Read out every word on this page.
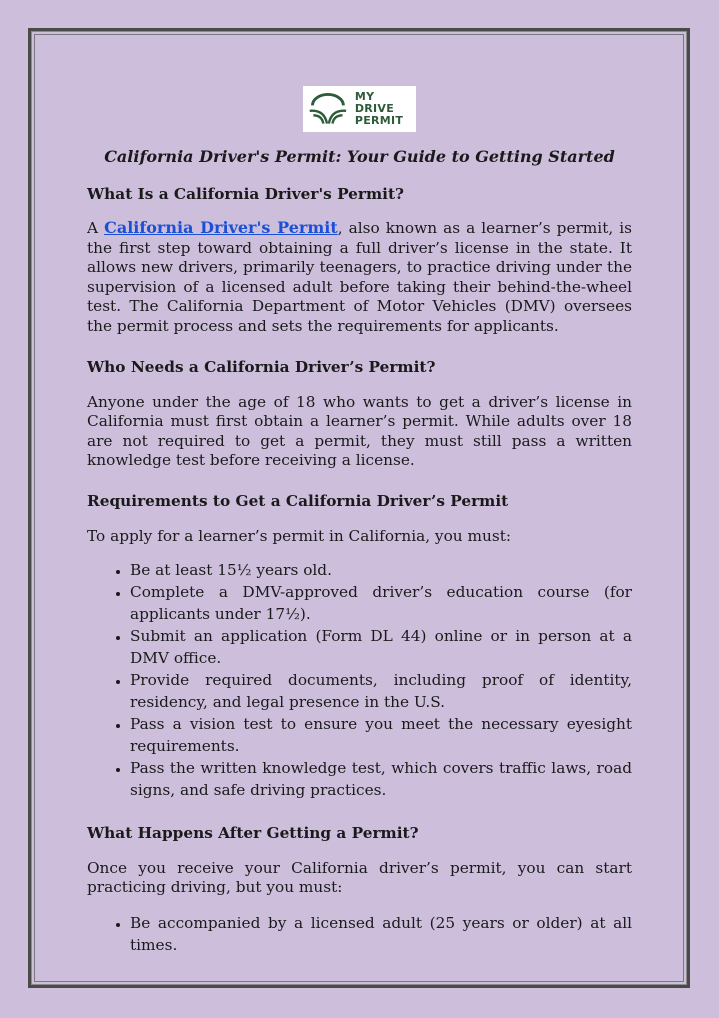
MY DRIVE
PERMIT
California Driver's Permit: Your Guide to Getting Started
What Is a California Driver's Permit?

A California Driver's Permit, also known as a learner’s permit, is the first step toward obtaining a full driver’s license in the state. It allows new drivers, primarily teenagers, to practice driving under the supervision of a licensed adult before taking their behind-the-wheel test. The California Department of Motor Vehicles (DMV) oversees the permit process and sets the requirements for applicants.

Who Needs a California Driver’s Permit?

Anyone under the age of 18 who wants to get a driver’s license in California must first obtain a learner’s permit. While adults over 18 are not required to get a permit, they must still pass a written knowledge test before receiving a license.

Requirements to Get a California Driver’s Permit

To apply for a learner’s permit in California, you must:

• Be at least 15½ years old.
• Complete a DMV-approved driver’s education course (for applicants under 17½).
• Submit an application (Form DL 44) online or in person at a DMV office.
• Provide required documents, including proof of identity, residency, and legal presence in the U.S.
• Pass a vision test to ensure you meet the necessary eyesight requirements.
• Pass the written knowledge test, which covers traffic laws, road signs, and safe driving practices.
What Happens After Getting a Permit?

Once you receive your California driver’s permit, you can start practicing driving, but you must:

• Be accompanied by a licensed adult (25 years or older) at all times.
